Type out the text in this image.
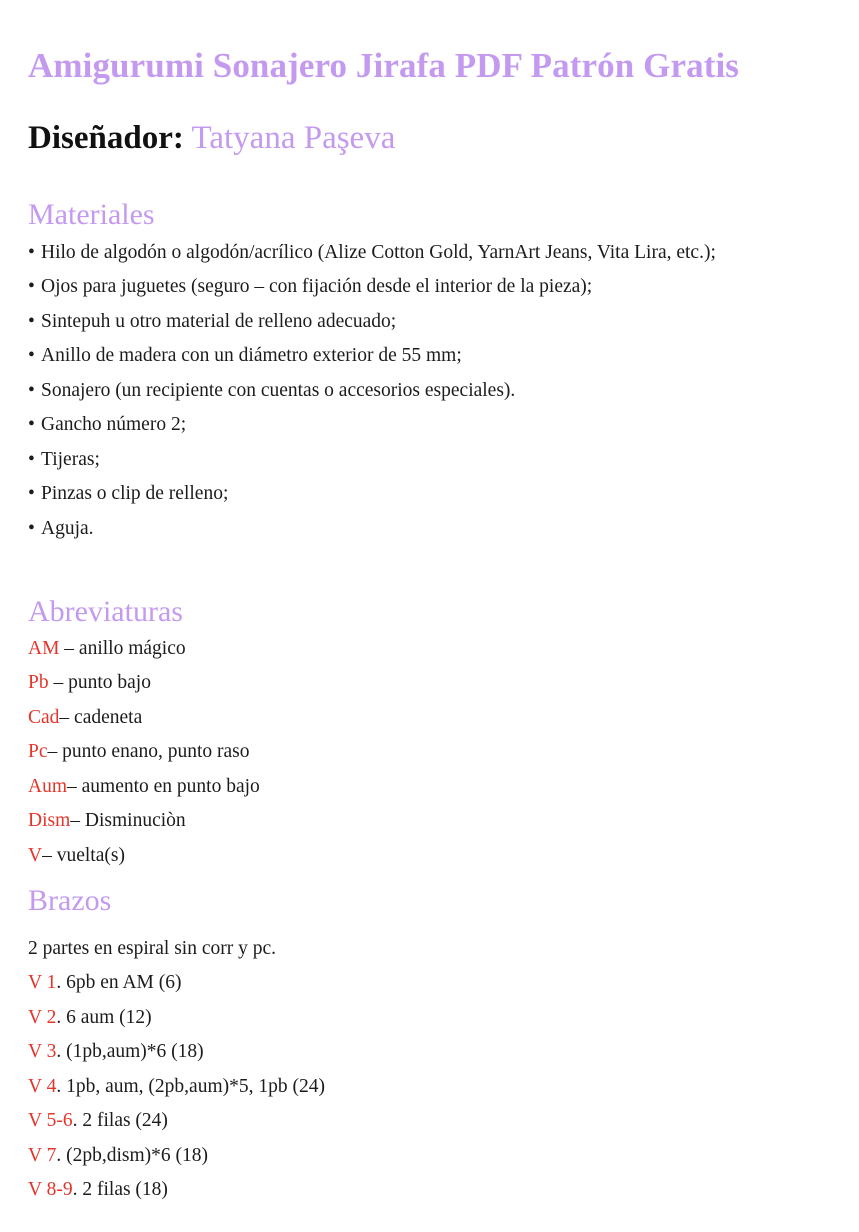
Amigurumi Sonajero Jirafa PDF Patrón Gratis

Diseñador: Tatyana Paşeva

Materiales
• Hilo de algodón o algodón/acrílico (Alize Cotton Gold, YarnArt Jeans, Vita Lira, etc.);
• Ojos para juguetes (seguro – con fijación desde el interior de la pieza);
• Sintepuh u otro material de relleno adecuado;
• Anillo de madera con un diámetro exterior de 55 mm;
• Sonajero (un recipiente con cuentas o accesorios especiales).
• Gancho número 2;
• Tijeras;
• Pinzas o clip de relleno;
• Aguja.
Abreviaturas
AM – anillo mágico
Pb – punto bajo
Cad– cadeneta
Pc– punto enano, punto raso
Aum– aumento en punto bajo
Dism– Disminuciòn
V– vuelta(s)
Brazos

2 partes en espiral sin corr y pc.

V 1. 6pb en AM (6)
V 2. 6 aum (12)
V 3. (1pb,aum)*6 (18)
V 4. 1pb, aum, (2pb,aum)*5, 1pb (24)
V 5-6. 2 filas (24)
V 7. (2pb,dism)*6 (18)
V 8-9. 2 filas (18)
